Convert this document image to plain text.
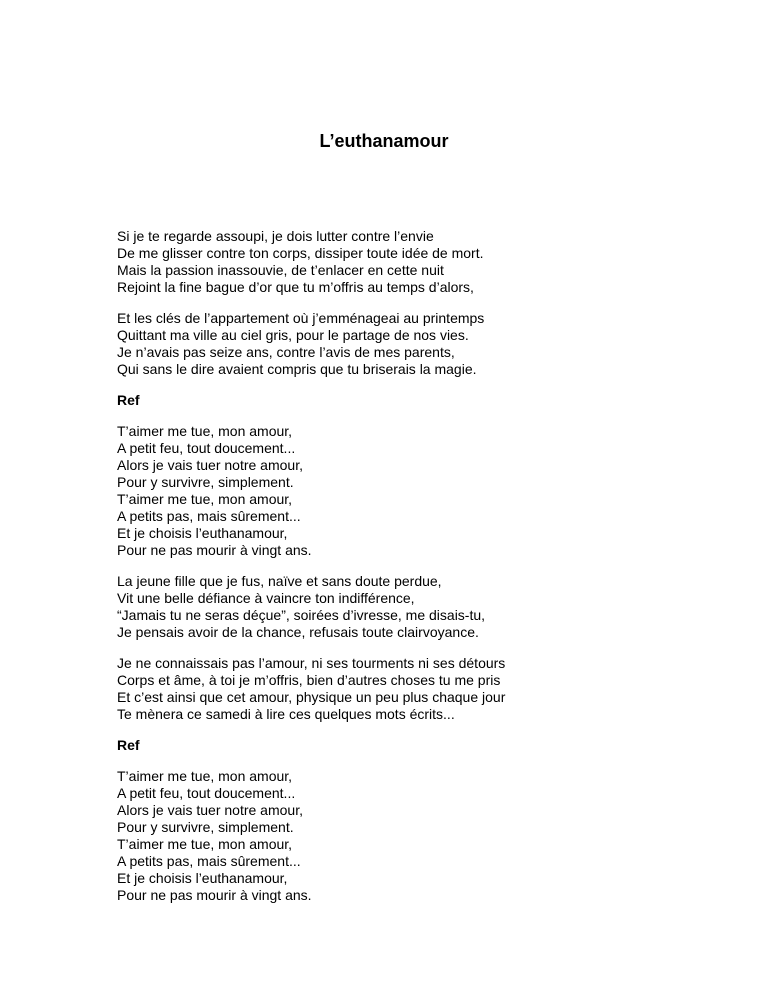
L’euthanamour
Si je te regarde assoupi, je dois lutter contre l’envie
De me glisser contre ton corps, dissiper toute idée de mort.
Mais la passion inassouvie, de t’enlacer en cette nuit
Rejoint la fine bague d’or que tu m’offris au temps d’alors,
Et les clés de l’appartement où j’emménageai au printemps
Quittant ma ville au ciel gris, pour le partage de nos vies.
Je n’avais pas seize ans, contre l’avis de mes parents,
Qui sans le dire avaient compris que tu briserais la magie.
Ref
T’aimer me tue, mon amour,
A petit feu, tout doucement...
Alors je vais tuer notre amour,
Pour y survivre, simplement.
T’aimer me tue, mon amour,
A petits pas, mais sûrement...
Et je choisis l’euthanamour,
Pour ne pas mourir à vingt ans.
La jeune fille que je fus, naïve et sans doute perdue,
Vit une belle défiance à vaincre ton indifférence,
“Jamais tu ne seras déçue”, soirées d’ivresse, me disais-tu,
Je pensais avoir de la chance, refusais toute clairvoyance.
Je ne connaissais pas l’amour, ni ses tourments ni ses détours
Corps et âme, à toi je m’offris, bien d’autres choses tu me pris
Et c’est ainsi que cet amour, physique un peu plus chaque jour
Te mènera ce samedi à lire ces quelques mots écrits...
Ref
T’aimer me tue, mon amour,
A petit feu, tout doucement...
Alors je vais tuer notre amour,
Pour y survivre, simplement.
T’aimer me tue, mon amour,
A petits pas, mais sûrement...
Et je choisis l’euthanamour,
Pour ne pas mourir à vingt ans.
